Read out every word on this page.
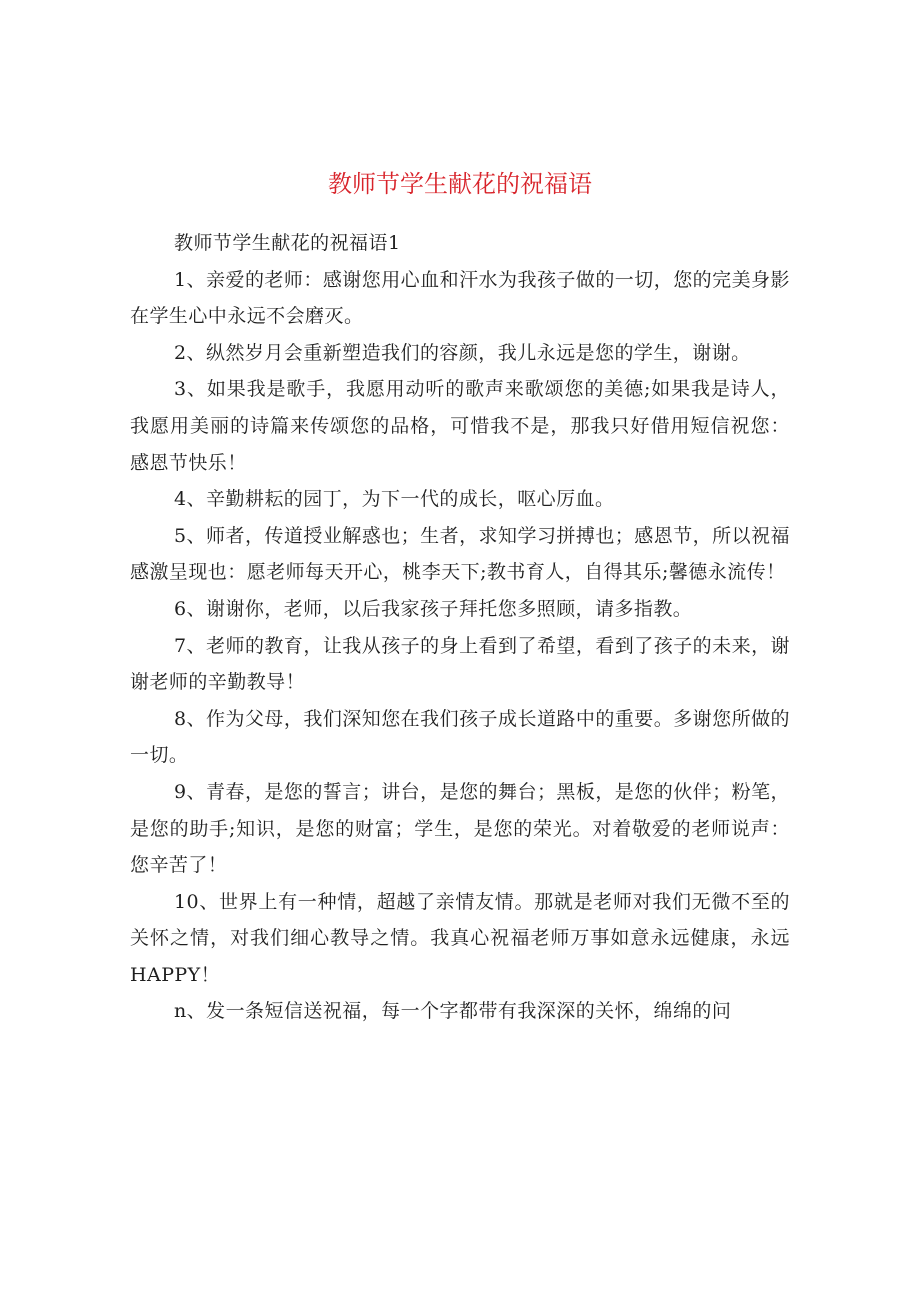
教师节学生献花的祝福语

教师节学生献花的祝福语1

1、亲爱的老师：感谢您用心血和汗水为我孩子做的一切，您的完美身影在学生心中永远不会磨灭。

2、纵然岁月会重新塑造我们的容颜，我儿永远是您的学生，谢谢。

3、如果我是歌手，我愿用动听的歌声来歌颂您的美德;如果我是诗人，我愿用美丽的诗篇来传颂您的品格，可惜我不是，那我只好借用短信祝您：感恩节快乐！

4、辛勤耕耘的园丁，为下一代的成长，呕心厉血。

5、师者，传道授业解惑也；生者，求知学习拼搏也；感恩节，所以祝福感激呈现也：愿老师每天开心，桃李天下;教书育人，自得其乐;馨德永流传！

6、谢谢你，老师，以后我家孩子拜托您多照顾，请多指教。

7、老师的教育，让我从孩子的身上看到了希望，看到了孩子的未来，谢谢老师的辛勤教导！

8、作为父母，我们深知您在我们孩子成长道路中的重要。多谢您所做的一切。

9、青春，是您的誓言；讲台，是您的舞台；黑板，是您的伙伴；粉笔，是您的助手;知识，是您的财富；学生，是您的荣光。对着敬爱的老师说声：您辛苦了！

10、世界上有一种情，超越了亲情友情。那就是老师对我们无微不至的关怀之情，对我们细心教导之情。我真心祝福老师万事如意永远健康，永远HAPPY！

n、发一条短信送祝福，每一个字都带有我深深的关怀，绵绵的问
